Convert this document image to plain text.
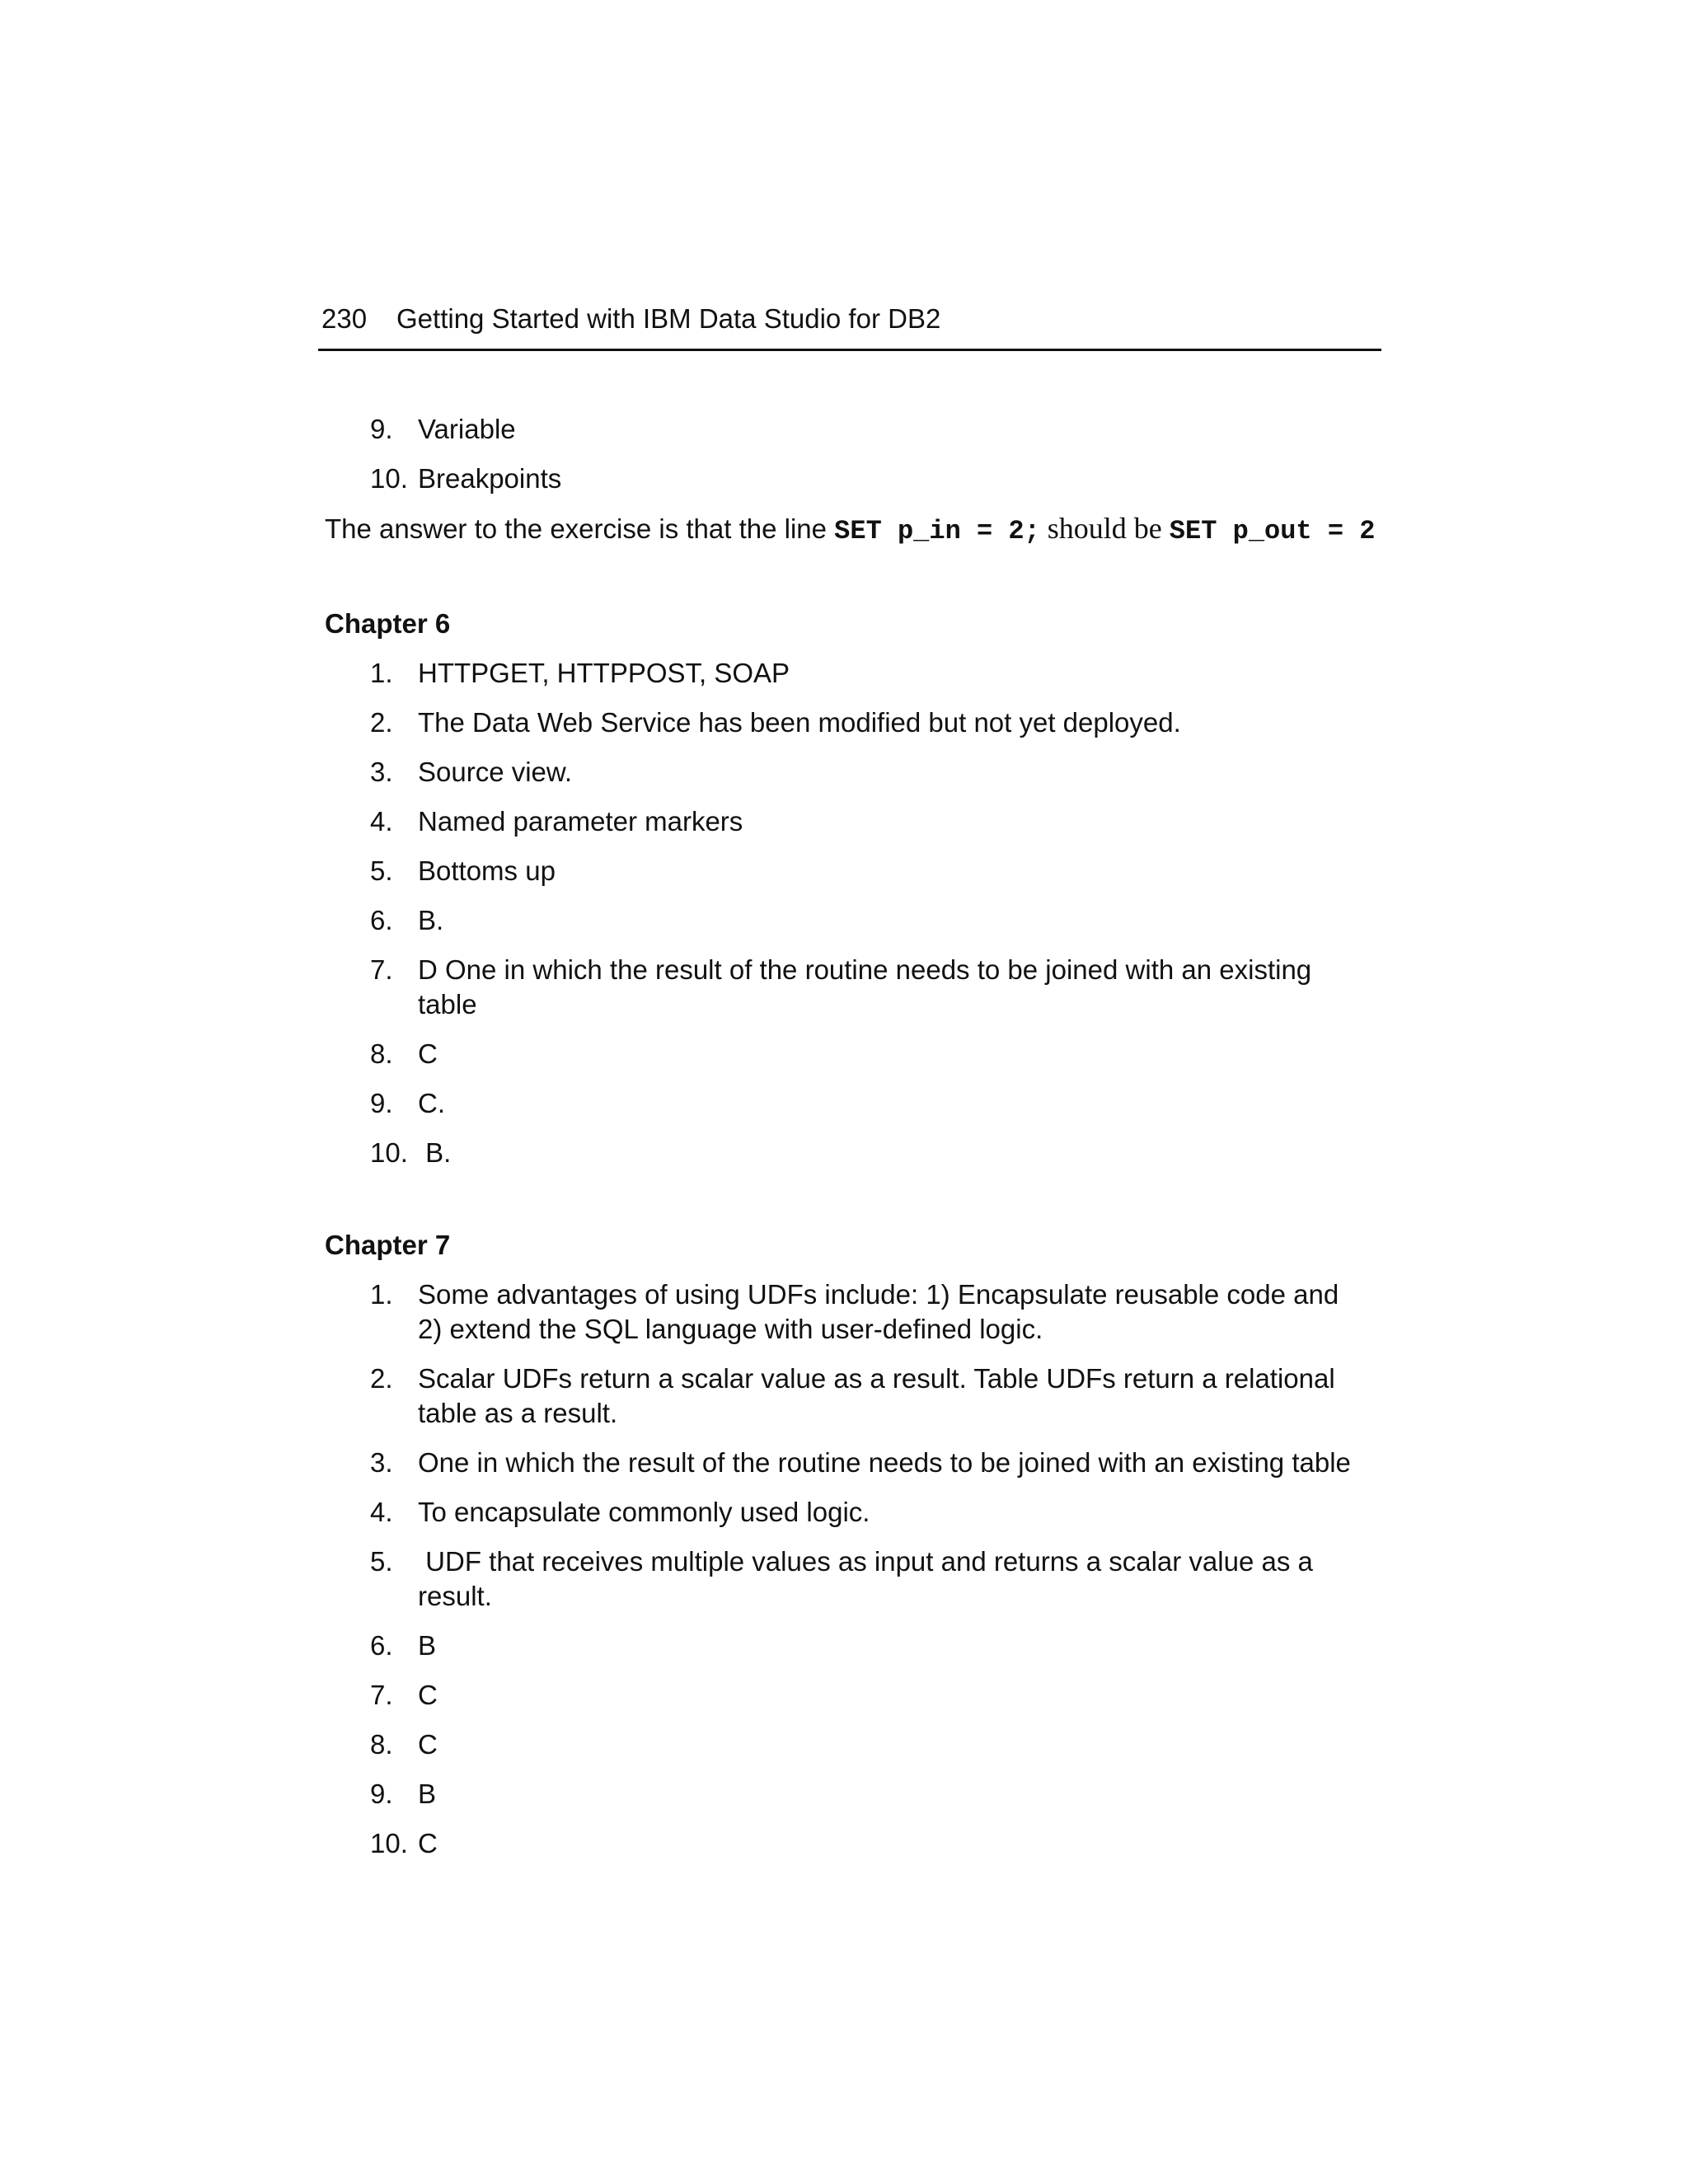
230 Getting Started with IBM Data Studio for DB2
9. Variable
10. Breakpoints

The answer to the exercise is that the line SET p_in = 2; should be SET p_out = 2

Chapter 6
1. HTTPGET, HTTPPOST, SOAP
2. The Data Web Service has been modified but not yet deployed.
3. Source view.
4. Named parameter markers
5. Bottoms up
6. B.
7. D One in which the result of the routine needs to be joined with an existing table
8. C
9. C.
10. B.
Chapter 7
1. Some advantages of using UDFs include: 1) Encapsulate reusable code and 2) extend the SQL language with user-defined logic.
2. Scalar UDFs return a scalar value as a result. Table UDFs return a relational table as a result.
3. One in which the result of the routine needs to be joined with an existing table
4. To encapsulate commonly used logic.
5. UDF that receives multiple values as input and returns a scalar value as a result.
6. B
7. C
8. C
9. B
10. C
